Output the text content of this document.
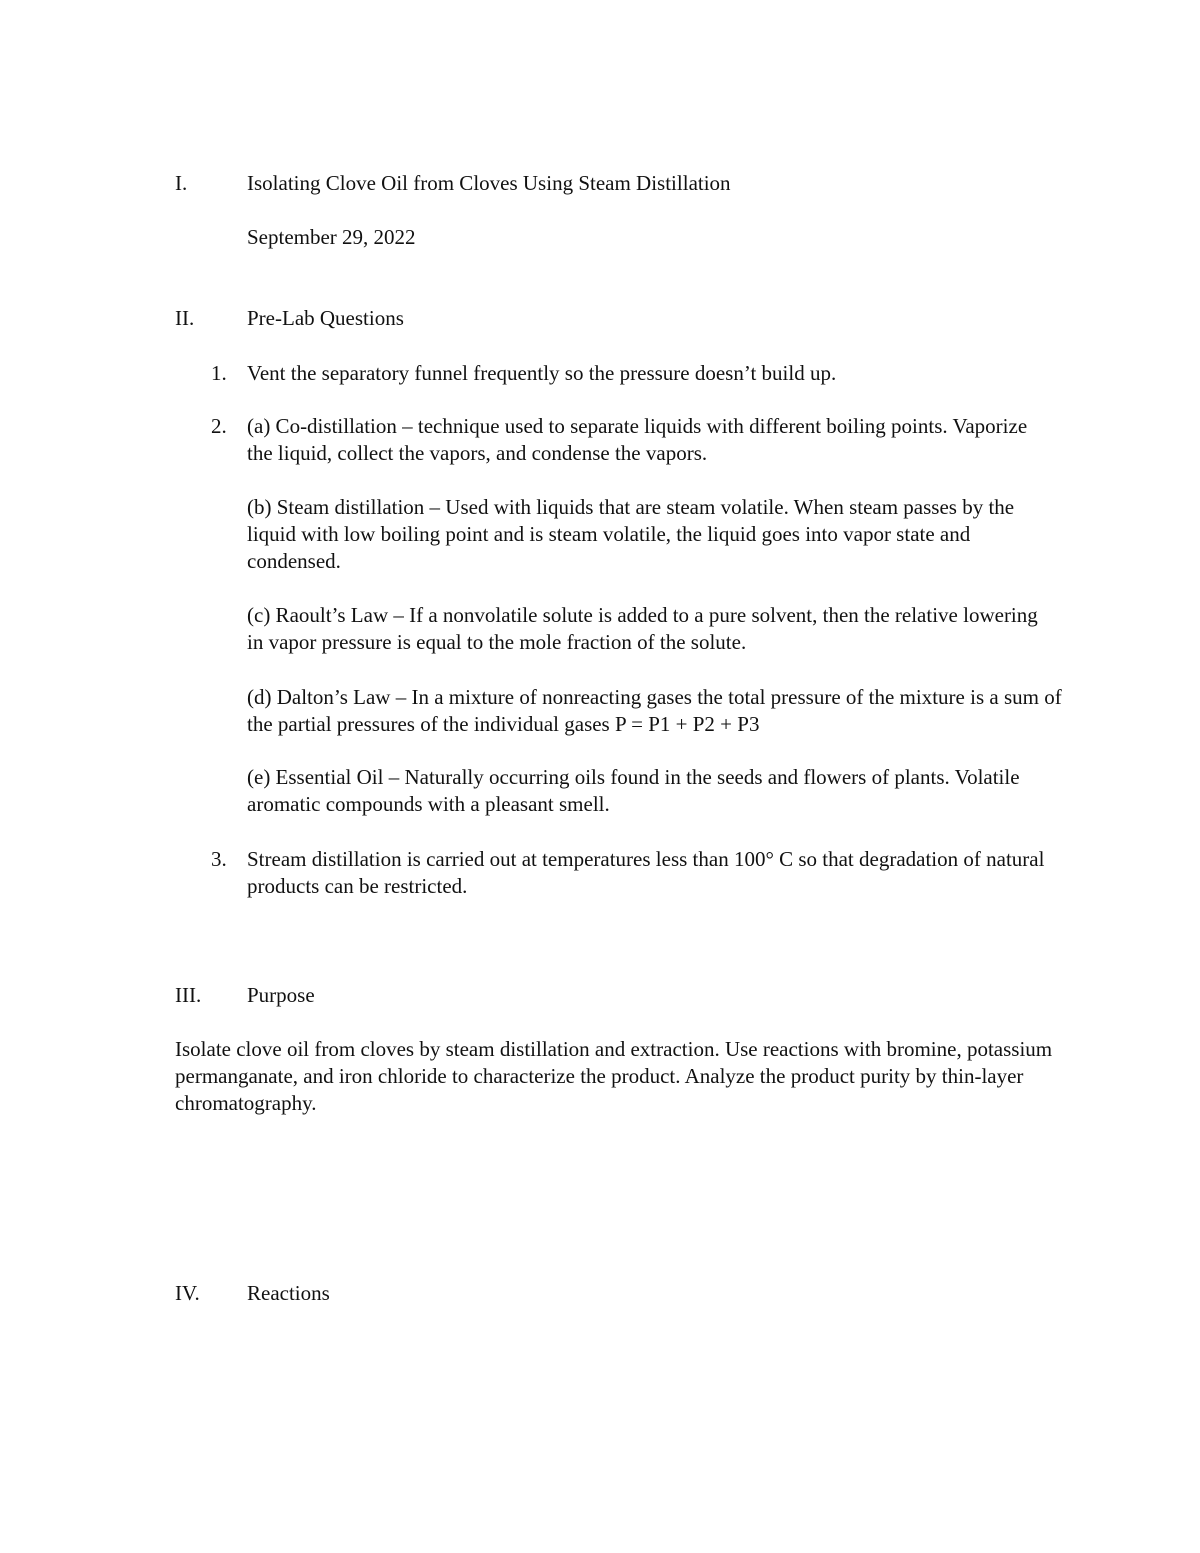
I.	Isolating Clove Oil from Cloves Using Steam Distillation
September 29, 2022
II.	Pre-Lab Questions
1. Vent the separatory funnel frequently so the pressure doesn’t build up.
2. (a) Co-distillation – technique used to separate liquids with different boiling points. Vaporize the liquid, collect the vapors, and condense the vapors.
(b) Steam distillation – Used with liquids that are steam volatile. When steam passes by the liquid with low boiling point and is steam volatile, the liquid goes into vapor state and condensed.
(c) Raoult’s Law – If a nonvolatile solute is added to a pure solvent, then the relative lowering in vapor pressure is equal to the mole fraction of the solute.
(d) Dalton’s Law – In a mixture of nonreacting gases the total pressure of the mixture is a sum of the partial pressures of the individual gases P = P1 + P2 + P3
(e) Essential Oil – Naturally occurring oils found in the seeds and flowers of plants. Volatile aromatic compounds with a pleasant smell.
3. Stream distillation is carried out at temperatures less than 100° C so that degradation of natural products can be restricted.
III. Purpose
Isolate clove oil from cloves by steam distillation and extraction. Use reactions with bromine, potassium permanganate, and iron chloride to characterize the product. Analyze the product purity by thin-layer chromatography.
IV. Reactions
